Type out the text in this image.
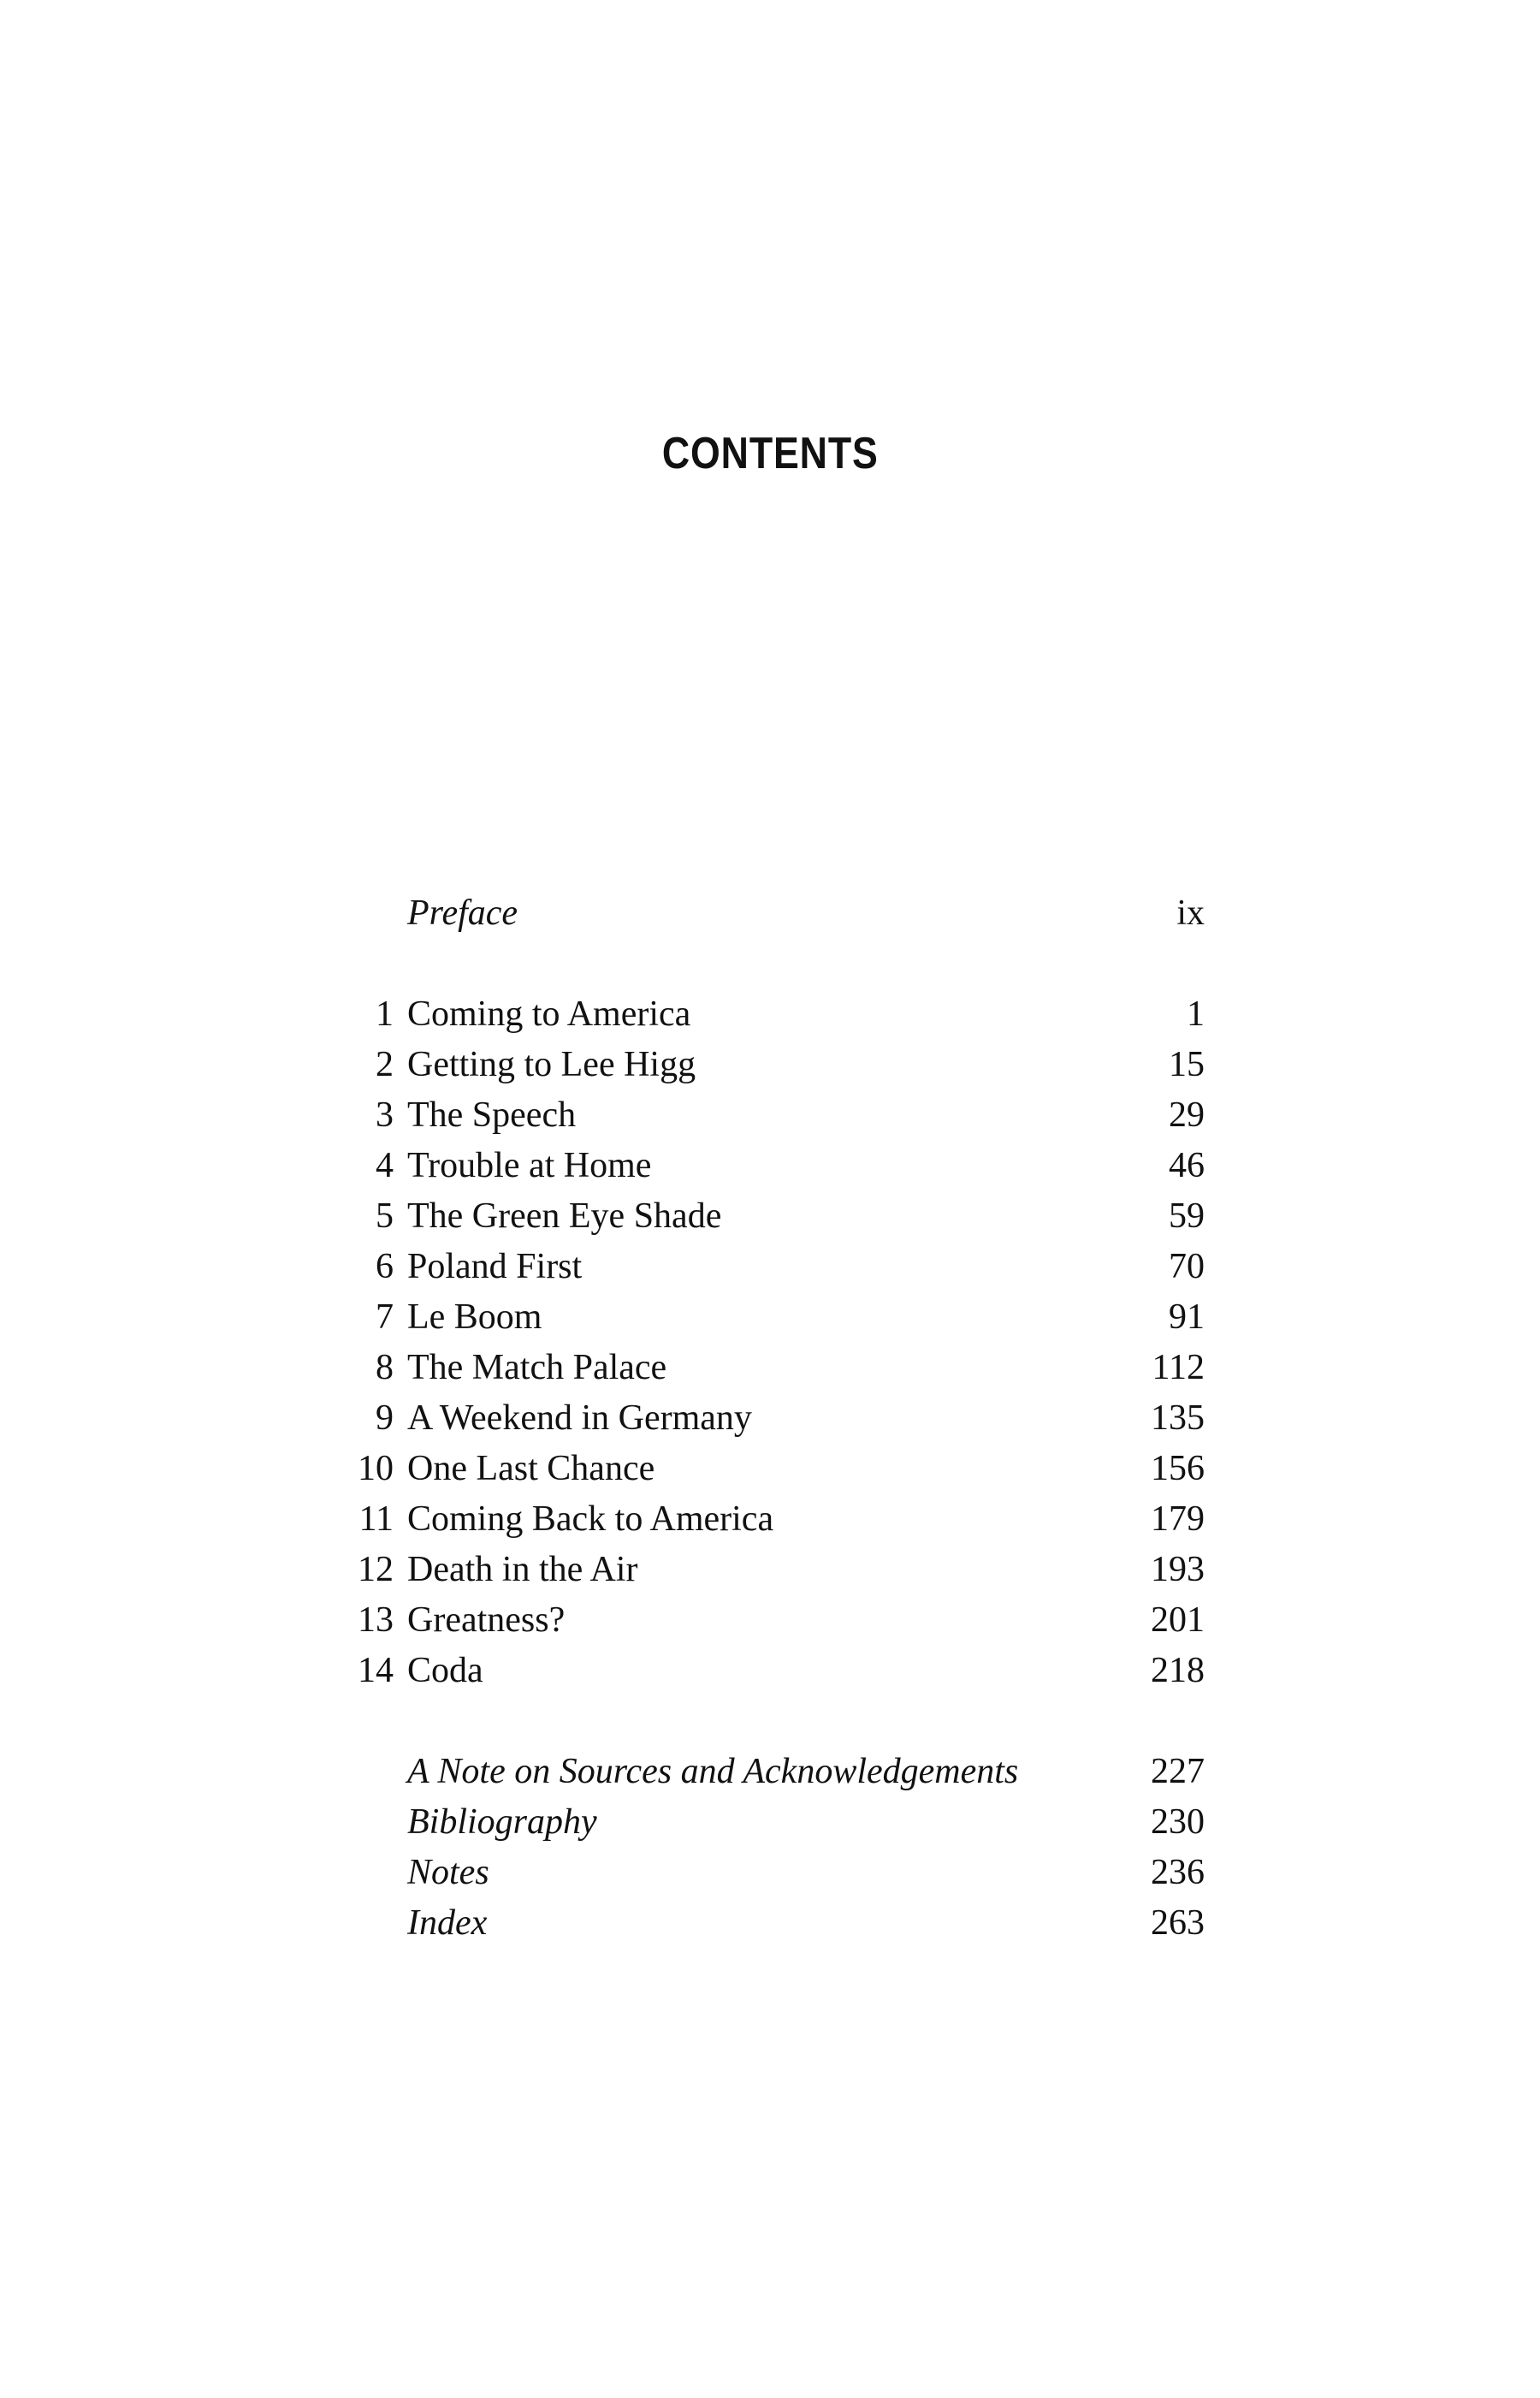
CONTENTS
Preface	ix
1 Coming to America	1
2 Getting to Lee Higg	15
3 The Speech	29
4 Trouble at Home	46
5 The Green Eye Shade	59
6 Poland First	70
7 Le Boom	91
8 The Match Palace	112
9 A Weekend in Germany	135
10 One Last Chance	156
11 Coming Back to America	179
12 Death in the Air	193
13 Greatness?	201
14 Coda	218
A Note on Sources and Acknowledgements	227
Bibliography	230
Notes	236
Index	263
